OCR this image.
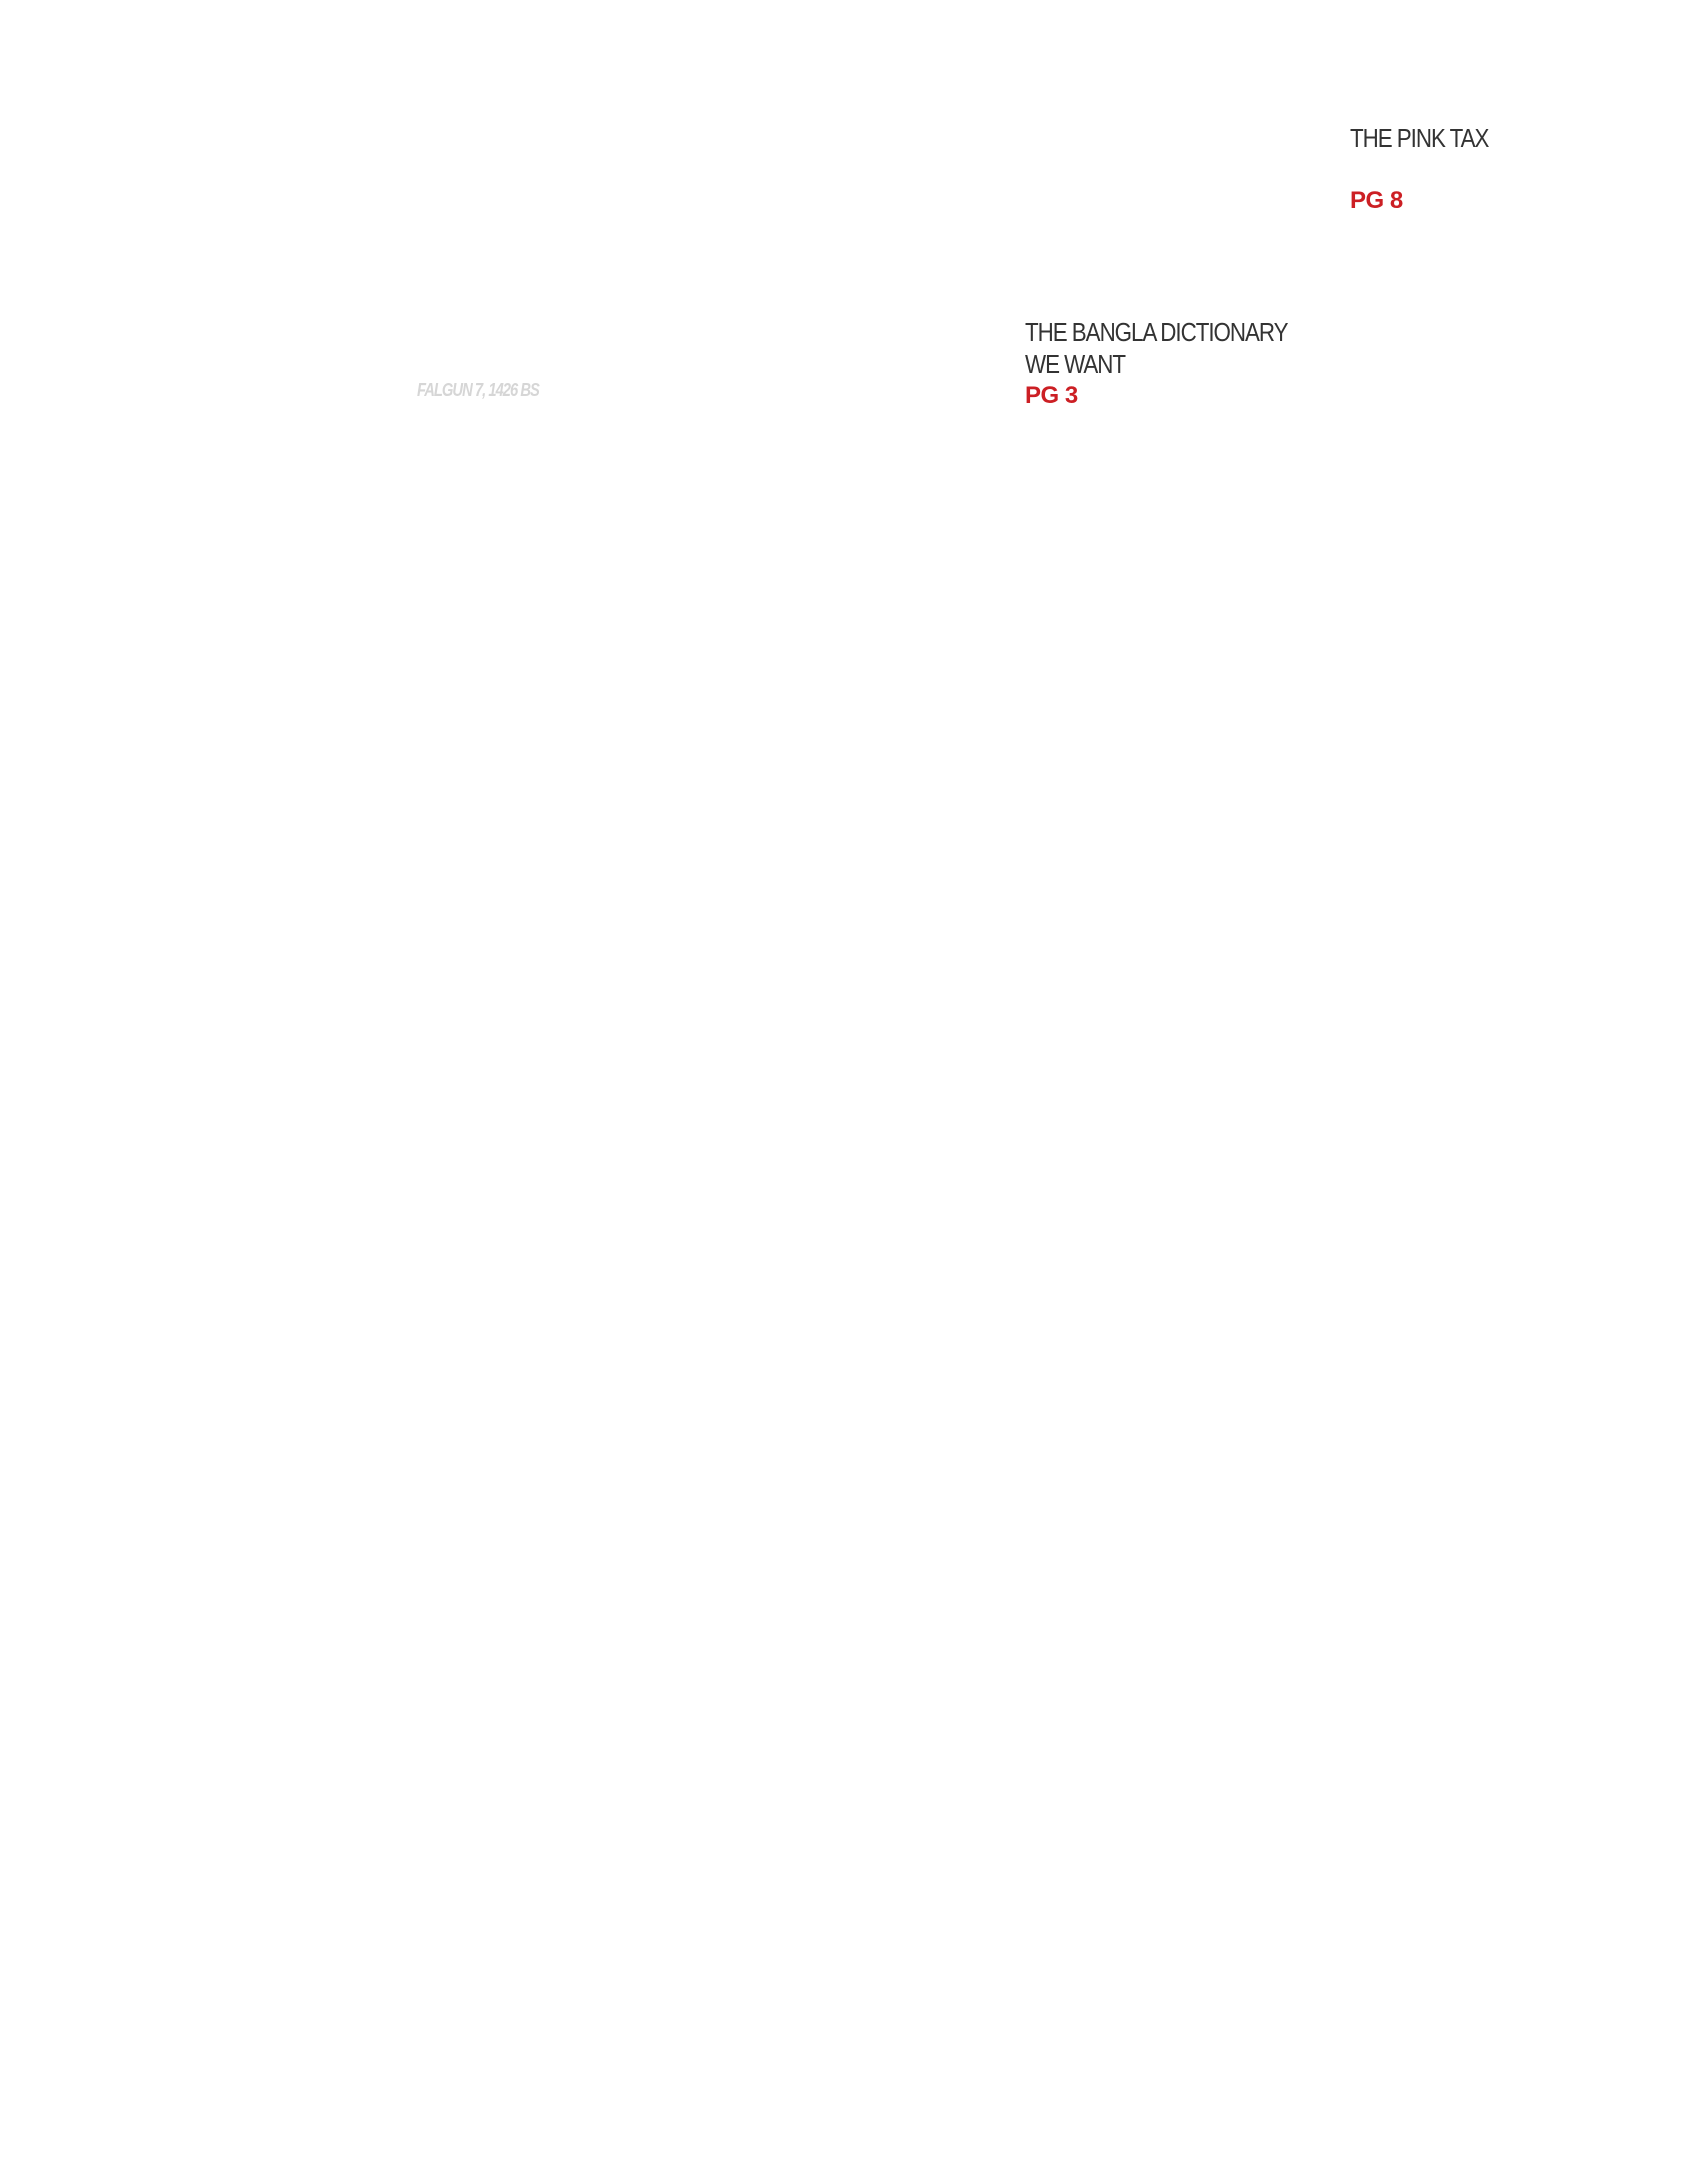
THE PINK TAX
PG 8
THE BANGLA DICTIONARY
WE WANT
PG 3
FALGUN 7, 1426 BS
